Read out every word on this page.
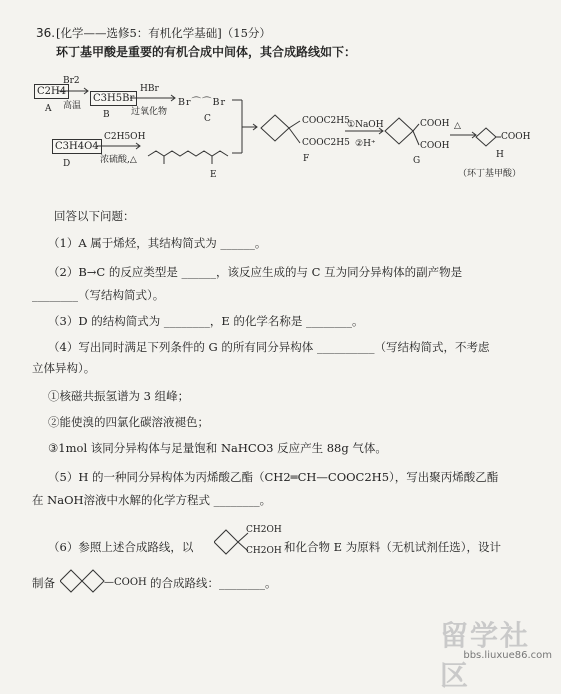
36. [化学——选修5：有机化学基础]（15分）
环丁基甲酸是重要的有机合成中间体，其合成路线如下：
C2H4
A
Br2
高温
C3H5Br
B
HBr
过氧化物
Br⌒⌒Br
C
C3H4O4
D
C2H5OH
浓硫酸,△
E
COOC2H5
COOC2H5
F
①NaOH
②H⁺
COOH
COOH
G
△
COOH
H
（环丁基甲酸）
回答以下问题：
（1）A 属于烯烃，其结构简式为 ______。
（2）B→C 的反应类型是 ______，该反应生成的与 C 互为同分异构体的副产物是
________（写结构简式）。
（3）D 的结构简式为 ________，E 的化学名称是 ________。
（4）写出同时满足下列条件的 G 的所有同分异构体 __________（写结构简式，不考虑
立体异构）。
①核磁共振氢谱为 3 组峰；
②能使溴的四氯化碳溶液褪色；
③1mol 该同分异构体与足量饱和 NaHCO3 反应产生 88g 气体。
（5）H 的一种同分异构体为丙烯酸乙酯（CH2═CH—COOC2H5），写出聚丙烯酸乙酯
在 NaOH溶液中水解的化学方程式 ________。
（6）参照上述合成路线，以
CH2OH
CH2OH 和化合物 E 为原料（无机试剂任选），设计
制备	—COOH 的合成路线：________。
留学社区
bbs.liuxue86.com
